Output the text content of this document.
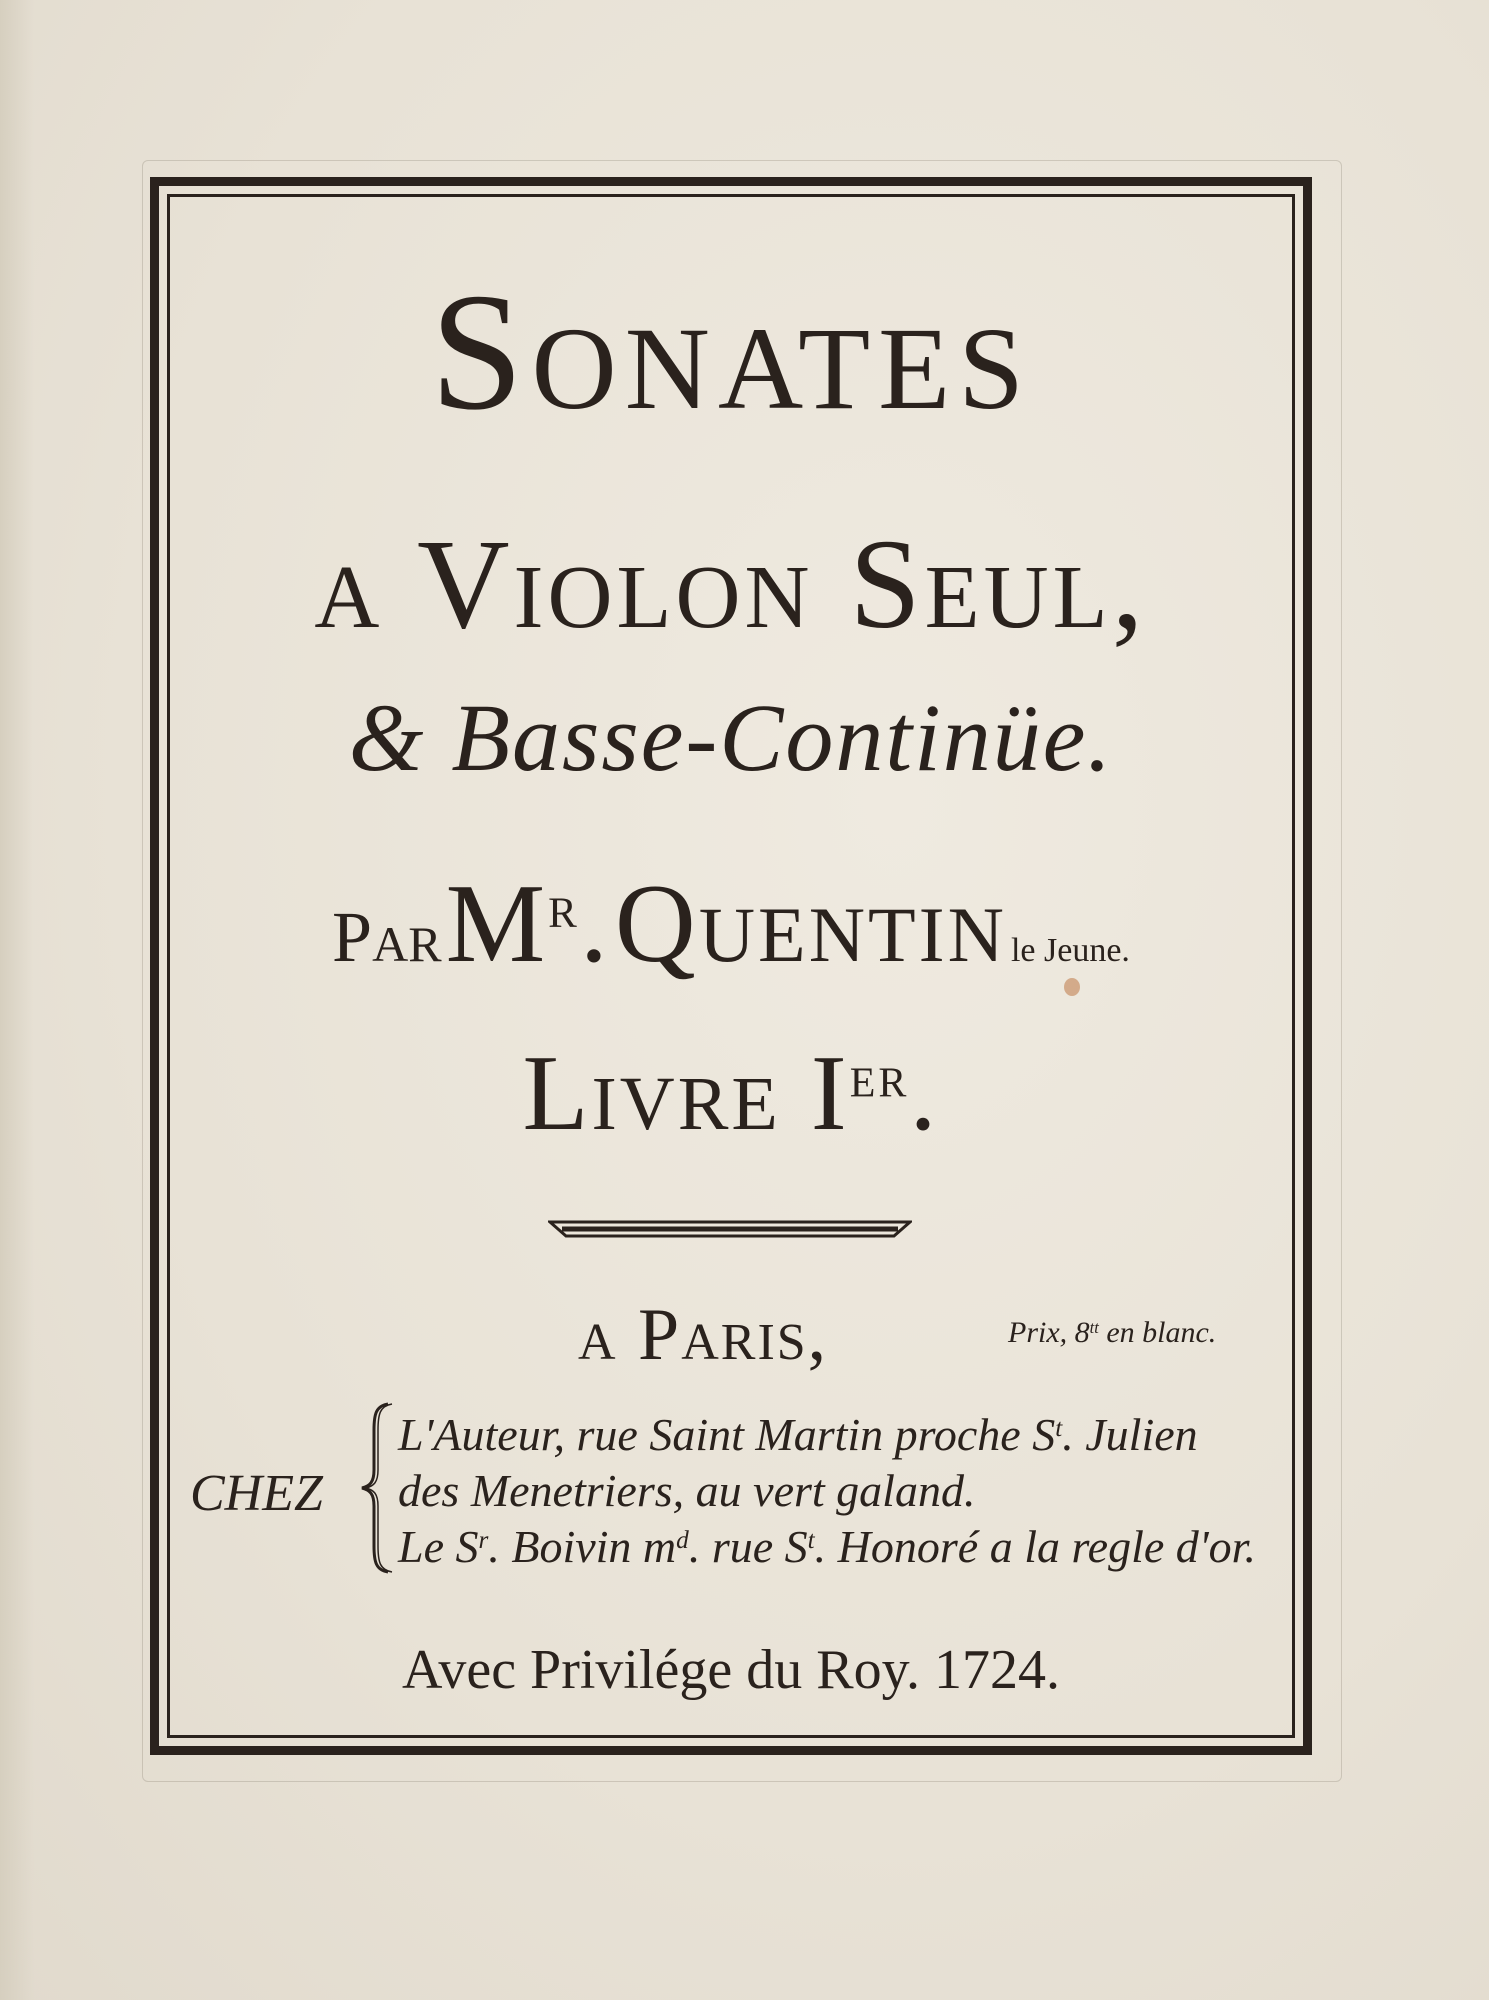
Sonates
a Violon Seul,
& Basse-Continüe.
Par $M^r$. Quentin le Jeune.
Livre Ier.
a Paris,	Prix, $8^{tt}$ en blanc.
CHEZ
L'Auteur, rue Saint Martin proche $S^t$. Julien
des Menetriers, au vert galand.
Le $S^r$. Boivin $m^d$. rue $S^t$. Honoré a la regle d'or.
Avec Privilége du Roy. 1724.
